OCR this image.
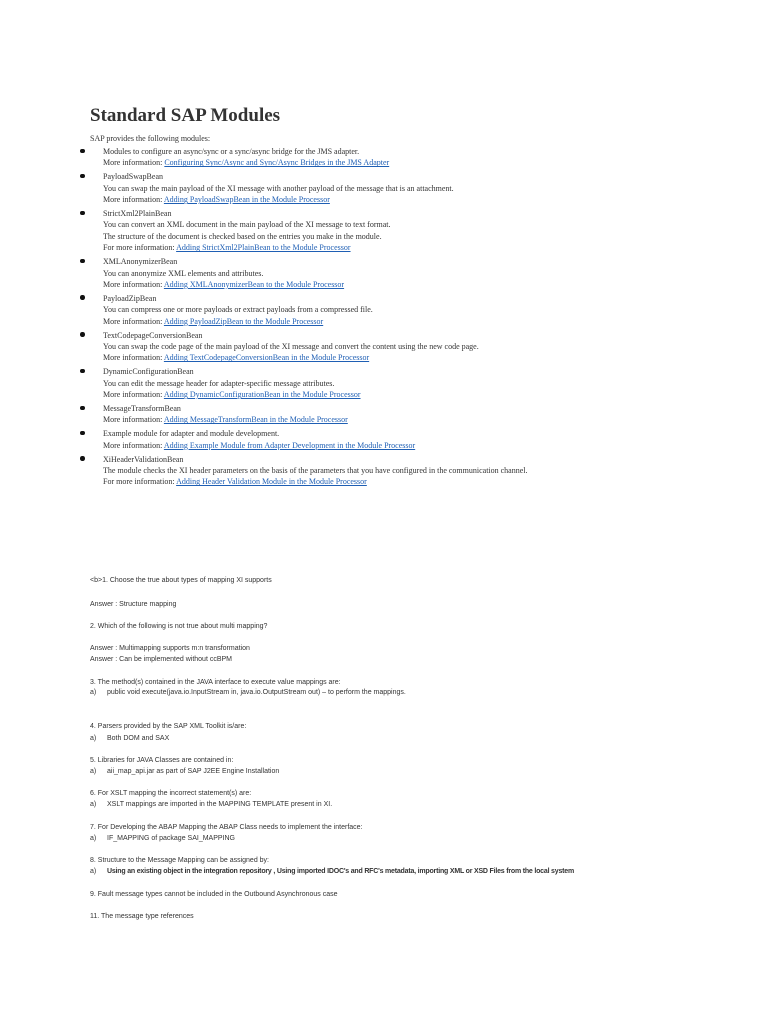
Standard SAP Modules
SAP provides the following modules:
Modules to configure an async/sync or a sync/async bridge for the JMS adapter.
More information: Configuring Sync/Async and Sync/Async Bridges in the JMS Adapter
PayloadSwapBean
You can swap the main payload of the XI message with another payload of the message that is an attachment.
More information: Adding PayloadSwapBean in the Module Processor
StrictXml2PlainBean
You can convert an XML document in the main payload of the XI message to text format.
The structure of the document is checked based on the entries you make in the module.
For more information: Adding StrictXml2PlainBean to the Module Processor
XMLAnonymizerBean
You can anonymize XML elements and attributes.
More information: Adding XMLAnonymizerBean to the Module Processor
PayloadZipBean
You can compress one or more payloads or extract payloads from a compressed file.
More information: Adding PayloadZipBean to the Module Processor
TextCodepageConversionBean
You can swap the code page of the main payload of the XI message and convert the content using the new code page.
More information: Adding TextCodepageConversionBean in the Module Processor
DynamicConfigurationBean
You can edit the message header for adapter-specific message attributes.
More information: Adding DynamicConfigurationBean in the Module Processor
MessageTransformBean
More information: Adding MessageTransformBean in the Module Processor
Example module for adapter and module development.
More information: Adding Example Module from Adapter Development in the Module Processor
XiHeaderValidationBean
The module checks the XI header parameters on the basis of the parameters that you have configured in the communication channel.
For more information: Adding Header Validation Module in the Module Processor

<b>1. Choose the true about types of mapping XI supports

Answer : Structure mapping

2. Which of the following is not true about multi mapping?

Answer : Multimapping supports m:n transformation

Answer : Can be implemented without ccBPM

3. The method(s) contained in the JAVA interface to execute value mappings are:

a)	public void execute(java.io.InputStream in, java.io.OutputStream out) – to perform the mappings.

4. Parsers provided by the SAP XML Toolkit is/are:

a)	Both DOM and SAX

5. Libraries for JAVA Classes are contained in:

a)	aii_map_api.jar as part of SAP J2EE Engine Installation

6. For XSLT mapping the incorrect statement(s) are:

a)	XSLT mappings are imported in the MAPPING TEMPLATE present in XI.

7. For Developing the ABAP Mapping the ABAP Class needs to implement the interface:

a)	IF_MAPPING of package SAI_MAPPING

8. Structure to the Message Mapping can be assigned by:

a)	Using an existing object in the integration repository , Using imported IDOC's and RFC's metadata, importing XML or XSD Files from the local system

9. Fault message types cannot be included in the Outbound Asynchronous case

11. The message type references
